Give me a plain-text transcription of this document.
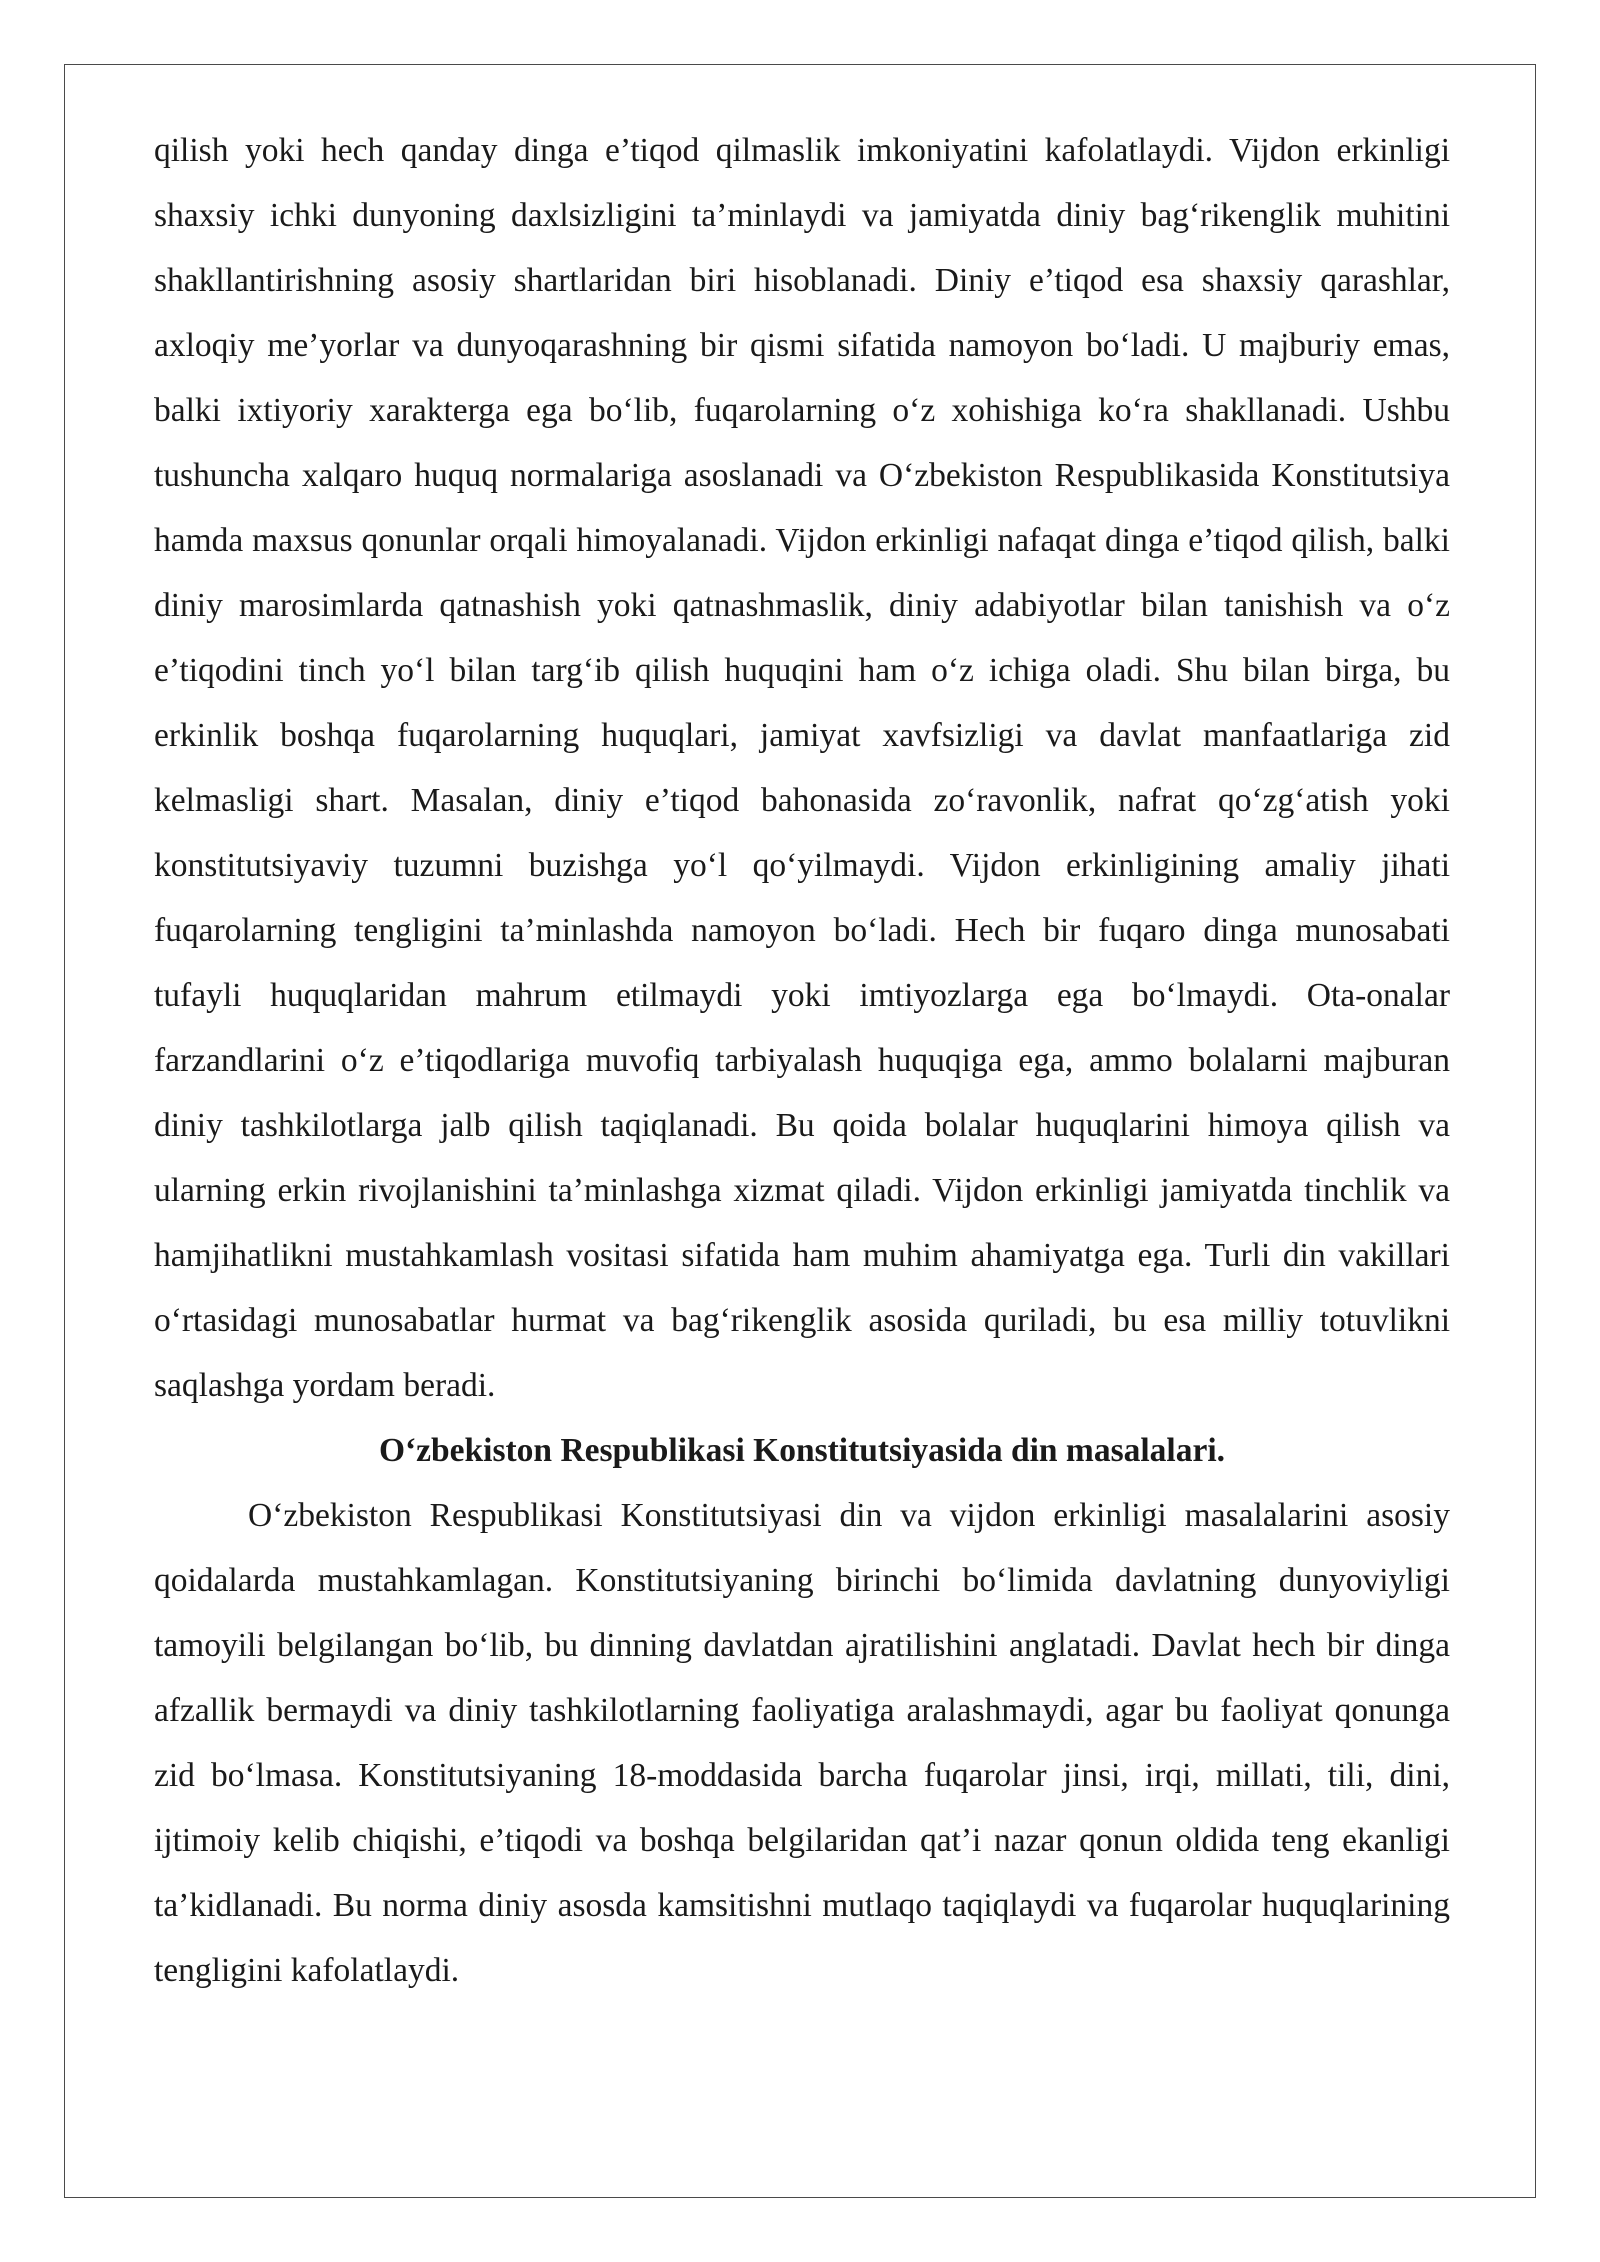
qilish yoki hech qanday dinga e’tiqod qilmaslik imkoniyatini kafolatlaydi. Vijdon erkinligi shaxsiy ichki dunyoning daxlsizligini ta’minlaydi va jamiyatda diniy bag‘rikenglik muhitini shakllantirishning asosiy shartlaridan biri hisoblanadi. Diniy e’tiqod esa shaxsiy qarashlar, axloqiy me’yorlar va dunyoqarashning bir qismi sifatida namoyon bo‘ladi. U majburiy emas, balki ixtiyoriy xarakterga ega bo‘lib, fuqarolarning o‘z xohishiga ko‘ra shakllanadi. Ushbu tushuncha xalqaro huquq normalariga asoslanadi va O‘zbekiston Respublikasida Konstitutsiya hamda maxsus qonunlar orqali himoyalanadi. Vijdon erkinligi nafaqat dinga e’tiqod qilish, balki diniy marosimlarda qatnashish yoki qatnashmaslik, diniy adabiyotlar bilan tanishish va o‘z e’tiqodini tinch yo‘l bilan targ‘ib qilish huquqini ham o‘z ichiga oladi. Shu bilan birga, bu erkinlik boshqa fuqarolarning huquqlari, jamiyat xavfsizligi va davlat manfaatlariga zid kelmasligi shart. Masalan, diniy e’tiqod bahonasida zo‘ravonlik, nafrat qo‘zg‘atish yoki konstitutsiyaviy tuzumni buzishga yo‘l qo‘yilmaydi. Vijdon erkinligining amaliy jihati fuqarolarning tengligini ta’minlashda namoyon bo‘ladi. Hech bir fuqaro dinga munosabati tufayli huquqlaridan mahrum etilmaydi yoki imtiyozlarga ega bo‘lmaydi. Ota-onalar farzandlarini o‘z e’tiqodlariga muvofiq tarbiyalash huquqiga ega, ammo bolalarni majburan diniy tashkilotlarga jalb qilish taqiqlanadi. Bu qoida bolalar huquqlarini himoya qilish va ularning erkin rivojlanishini ta’minlashga xizmat qiladi. Vijdon erkinligi jamiyatda tinchlik va hamjihatlikni mustahkamlash vositasi sifatida ham muhim ahamiyatga ega. Turli din vakillari o‘rtasidagi munosabatlar hurmat va bag‘rikenglik asosida quriladi, bu esa milliy totuvlikni saqlashga yordam beradi.

O‘zbekiston Respublikasi Konstitutsiyasida din masalalari.

O‘zbekiston Respublikasi Konstitutsiyasi din va vijdon erkinligi masalalarini asosiy qoidalarda mustahkamlagan. Konstitutsiyaning birinchi bo‘limida davlatning dunyoviyligi tamoyili belgilangan bo‘lib, bu dinning davlatdan ajratilishini anglatadi. Davlat hech bir dinga afzallik bermaydi va diniy tashkilotlarning faoliyatiga aralashmaydi, agar bu faoliyat qonunga zid bo‘lmasa. Konstitutsiyaning 18-moddasida barcha fuqarolar jinsi, irqi, millati, tili, dini, ijtimoiy kelib chiqishi, e’tiqodi va boshqa belgilaridan qat’i nazar qonun oldida teng ekanligi ta’kidlanadi. Bu norma diniy asosda kamsitishni mutlaqo taqiqlaydi va fuqarolar huquqlarining tengligini kafolatlaydi.
